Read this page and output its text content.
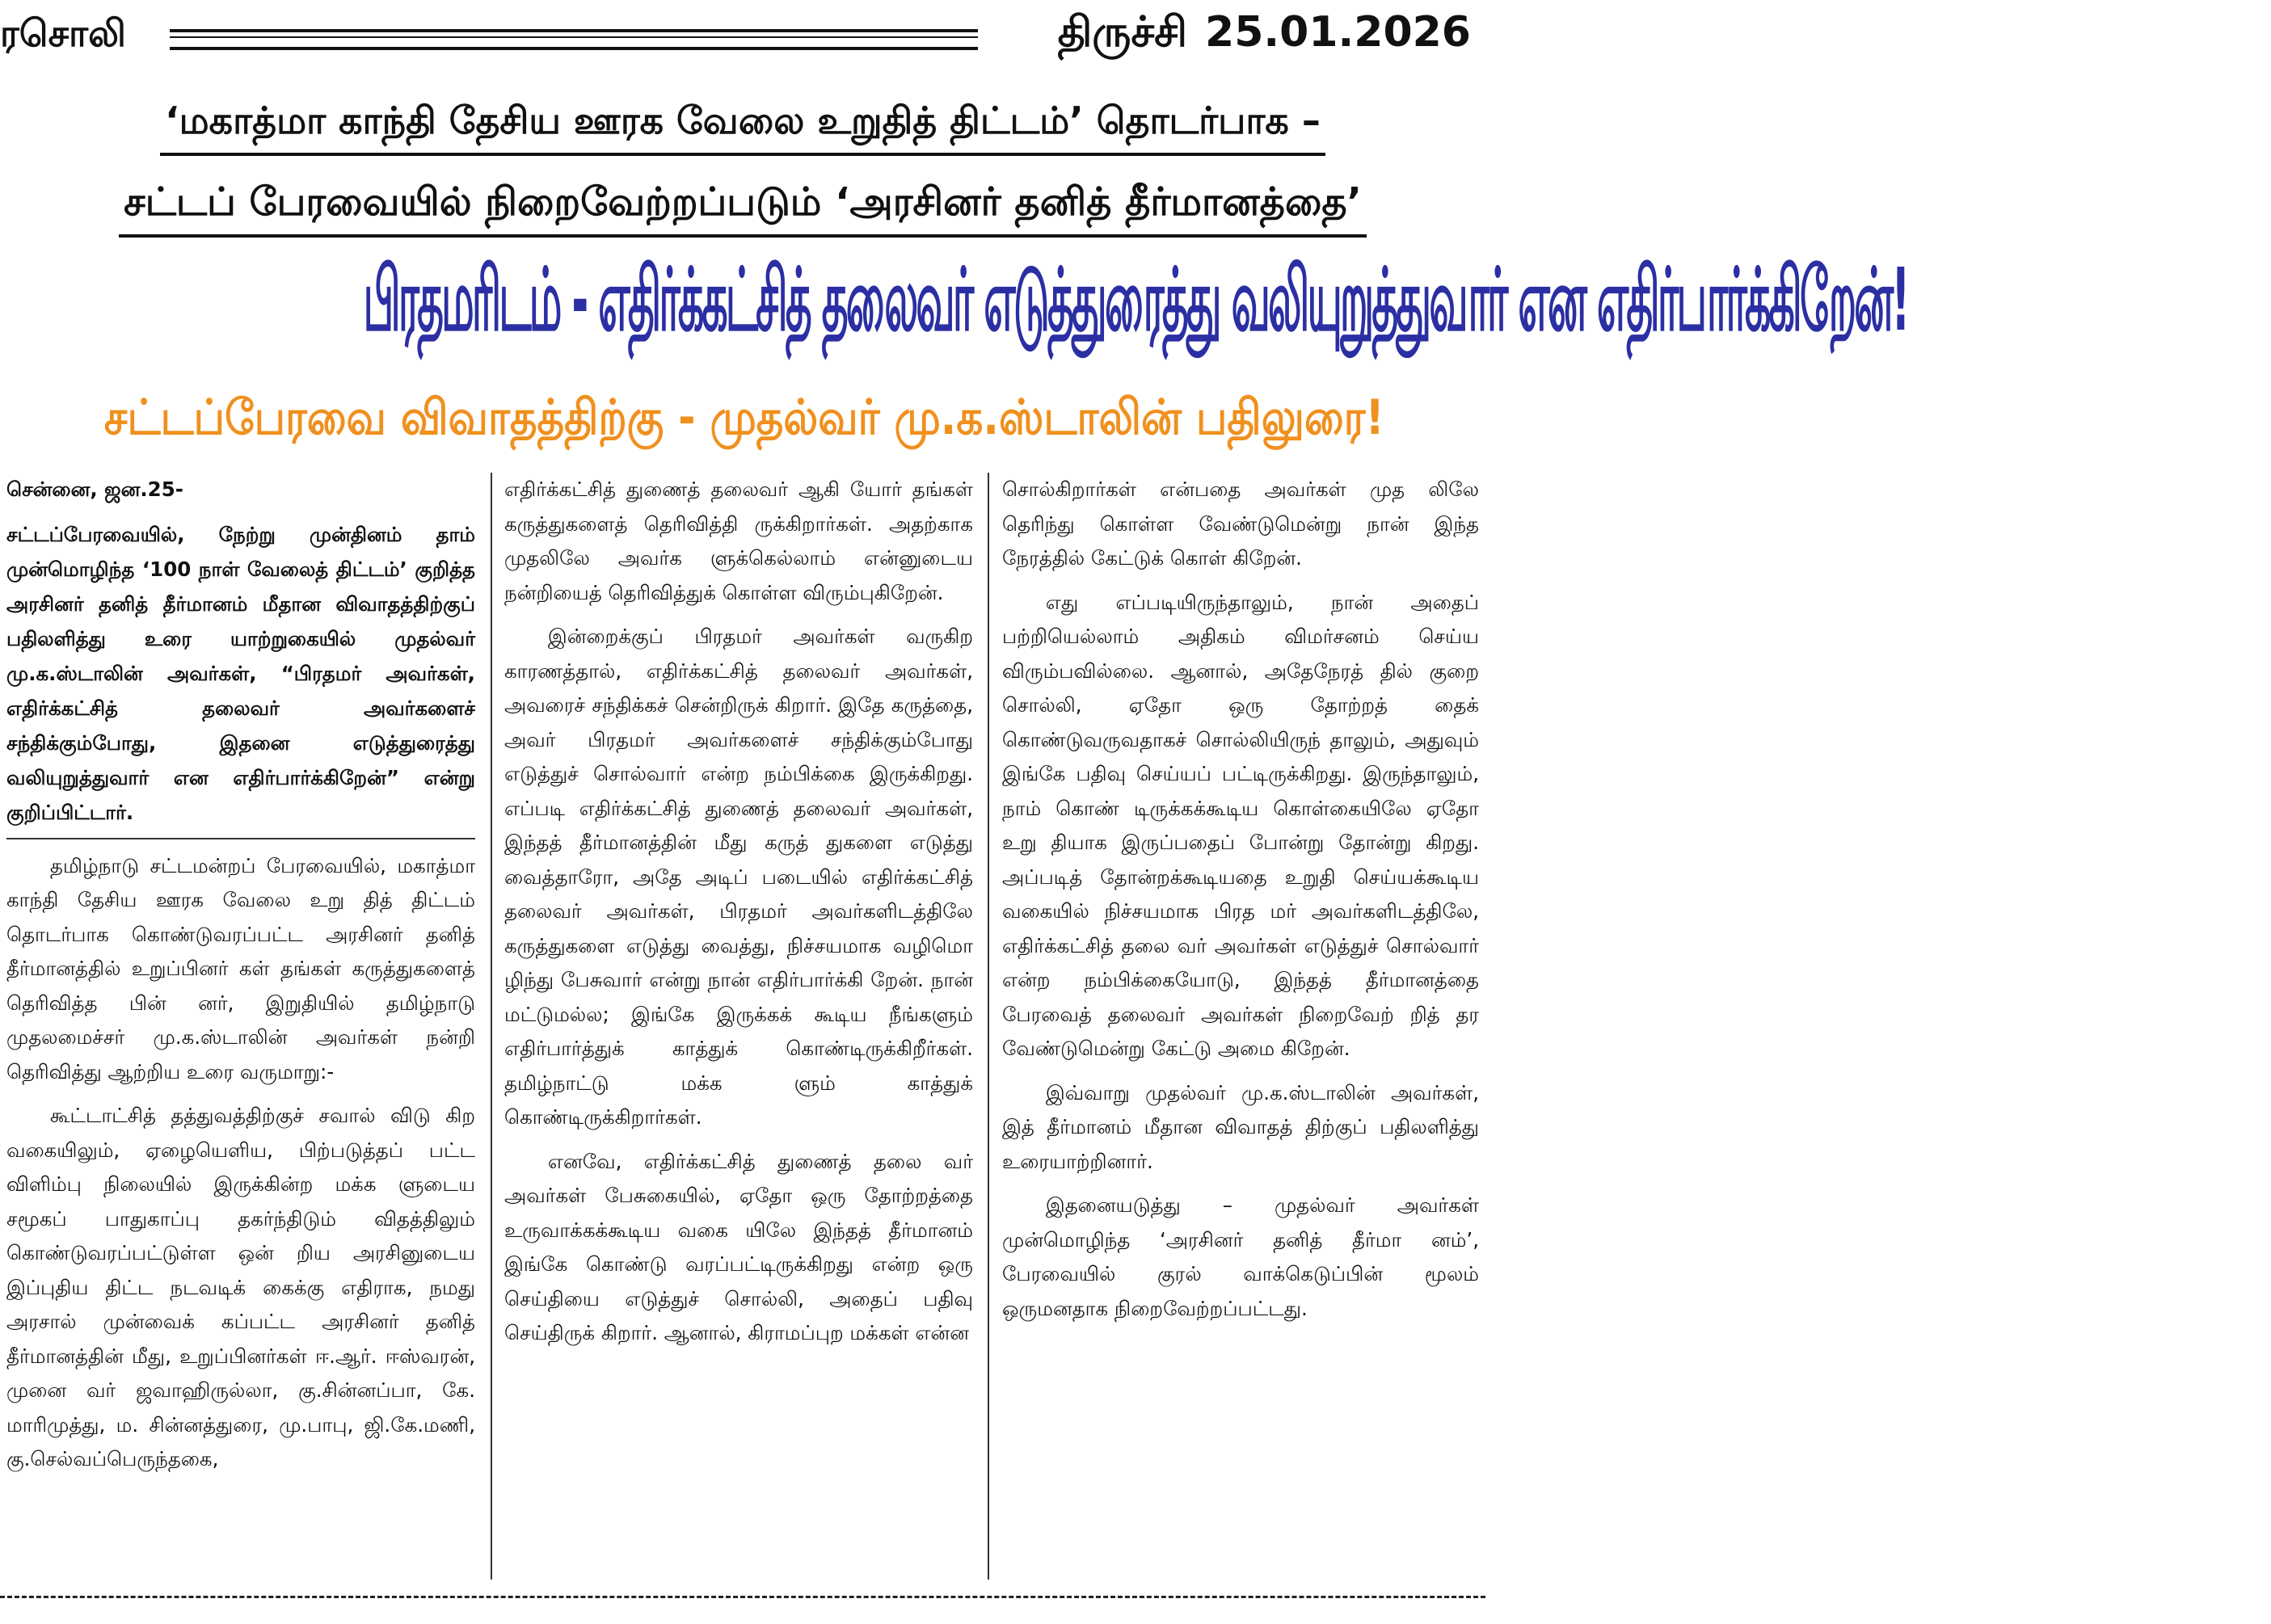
ரசொலி	திருச்சி 25.01.2026
‘மகாத்மா காந்தி தேசிய ஊரக வேலை உறுதித் திட்டம்’ தொடர்பாக –
சட்டப் பேரவையில் நிறைவேற்றப்படும் ‘அரசினர் தனித் தீர்மானத்தை’
பிரதமரிடம் - எதிர்க்கட்சித் தலைவர் எடுத்துரைத்து வலியுறுத்துவார் என எதிர்பார்க்கிறேன்!
சட்டப்பேரவை விவாதத்திற்கு - முதல்வர் மு.க.ஸ்டாலின் பதிலுரை!

சென்னை, ஜன.25-

சட்டப்பேரவையில், நேற்று முன்தினம் தாம் முன்மொழிந்த ‘100 நாள் வேலைத் திட்டம்’ குறித்த அரசினர் தனித் தீர்மானம் மீதான விவாதத்திற்குப் பதிலளித்து உரை யாற்றுகையில் முதல்வர் மு.க.ஸ்டாலின் அவர்கள், “பிரதமர் அவர்கள், எதிர்க்கட்சித் தலைவர் அவர்களைச் சந்திக்கும்போது, இதனை எடுத்துரைத்து வலியுறுத்துவார் என எதிர்பார்க்கிறேன்” என்று குறிப்பிட்டார்.

தமிழ்நாடு சட்டமன்றப் பேரவையில், மகாத்மா காந்தி தேசிய ஊரக வேலை உறு தித் திட்டம் தொடர்பாக கொண்டுவரப்பட்ட அரசினர் தனித் தீர்மானத்தில் உறுப்பினர் கள் தங்கள் கருத்துகளைத் தெரிவித்த பின் னர், இறுதியில் தமிழ்நாடு முதலமைச்சர் மு.க.ஸ்டாலின் அவர்கள் நன்றி தெரிவித்து ஆற்றிய உரை வருமாறு:-

கூட்டாட்சித் தத்துவத்திற்குச் சவால் விடு கிற வகையிலும், ஏழையெளிய, பிற்படுத்தப் பட்ட விளிம்பு நிலையில் இருக்கின்ற மக்க ளுடைய சமூகப் பாதுகாப்பு தகர்ந்திடும் விதத்திலும் கொண்டுவரப்பட்டுள்ள ஒன் றிய அரசினுடைய இப்புதிய திட்ட நடவடிக் கைக்கு எதிராக, நமது அரசால் முன்வைக் கப்பட்ட அரசினர் தனித் தீர்மானத்தின் மீது, உறுப்பினர்கள் ஈ.ஆர். ஈஸ்வரன், முனை வர் ஜவாஹிருல்லா, கு.சின்னப்பா, கே. மாரிமுத்து, ம. சின்னத்துரை, மு.பாபு, ஜி.கே.மணி, கு.செல்வப்பெருந்தகை,

எதிர்க்கட்சித் துணைத் தலைவர் ஆகி யோர் தங்கள் கருத்துகளைத் தெரிவித்தி ருக்கிறார்கள். அதற்காக முதலிலே அவர்க ளுக்கெல்லாம் என்னுடைய நன்றியைத் தெரிவித்துக் கொள்ள விரும்புகிறேன்.

இன்றைக்குப் பிரதமர் அவர்கள் வருகிற காரணத்தால், எதிர்க்கட்சித் தலைவர் அவர்கள், அவரைச் சந்திக்கச் சென்றிருக் கிறார். இதே கருத்தை, அவர் பிரதமர் அவர்களைச் சந்திக்கும்போது எடுத்துச் சொல்வார் என்ற நம்பிக்கை இருக்கிறது. எப்படி எதிர்க்கட்சித் துணைத் தலைவர் அவர்கள், இந்தத் தீர்மானத்தின் மீது கருத் துகளை எடுத்து வைத்தாரோ, அதே அடிப் படையில் எதிர்க்கட்சித் தலைவர் அவர்கள், பிரதமர் அவர்களிடத்திலே கருத்துகளை எடுத்து வைத்து, நிச்சயமாக வழிமொ ழிந்து பேசுவார் என்று நான் எதிர்பார்க்கி றேன். நான் மட்டுமல்ல; இங்கே இருக்கக் கூடிய நீங்களும் எதிர்பார்த்துக் காத்துக் கொண்டிருக்கிறீர்கள். தமிழ்நாட்டு மக்க ளும் காத்துக் கொண்டிருக்கிறார்கள்.

எனவே, எதிர்க்கட்சித் துணைத் தலை வர் அவர்கள் பேசுகையில், ஏதோ ஒரு தோற்றத்தை உருவாக்கக்கூடிய வகை யிலே இந்தத் தீர்மானம் இங்கே கொண்டு வரப்பட்டிருக்கிறது என்ற ஒரு செய்தியை எடுத்துச் சொல்லி, அதைப் பதிவு செய்திருக் கிறார். ஆனால், கிராமப்புற மக்கள் என்ன

சொல்கிறார்கள் என்பதை அவர்கள் முத லிலே தெரிந்து கொள்ள வேண்டுமென்று நான் இந்த நேரத்தில் கேட்டுக் கொள் கிறேன்.

எது எப்படியிருந்தாலும், நான் அதைப் பற்றியெல்லாம் அதிகம் விமர்சனம் செய்ய விரும்பவில்லை. ஆனால், அதேநேரத் தில் குறை சொல்லி, ஏதோ ஒரு தோற்றத் தைக் கொண்டுவருவதாகச் சொல்லியிருந் தாலும், அதுவும் இங்கே பதிவு செய்யப் பட்டிருக்கிறது. இருந்தாலும், நாம் கொண் டிருக்கக்கூடிய கொள்கையிலே ஏதோ உறு தியாக இருப்பதைப் போன்று தோன்று கிறது. அப்படித் தோன்றக்கூடியதை உறுதி செய்யக்கூடிய வகையில் நிச்சயமாக பிரத மர் அவர்களிடத்திலே, எதிர்க்கட்சித் தலை வர் அவர்கள் எடுத்துச் சொல்வார் என்ற நம்பிக்கையோடு, இந்தத் தீர்மானத்தை பேரவைத் தலைவர் அவர்கள் நிறைவேற் றித் தர வேண்டுமென்று கேட்டு அமை கிறேன்.

இவ்வாறு முதல்வர் மு.க.ஸ்டாலின் அவர்கள், இத் தீர்மானம் மீதான விவாதத் திற்குப் பதிலளித்து உரையாற்றினார்.

இதனையடுத்து – முதல்வர் அவர்கள் முன்மொழிந்த ‘அரசினர் தனித் தீர்மா னம்’, பேரவையில் குரல் வாக்கெடுப்பின் மூலம் ஒருமனதாக நிறைவேற்றப்பட்டது.
